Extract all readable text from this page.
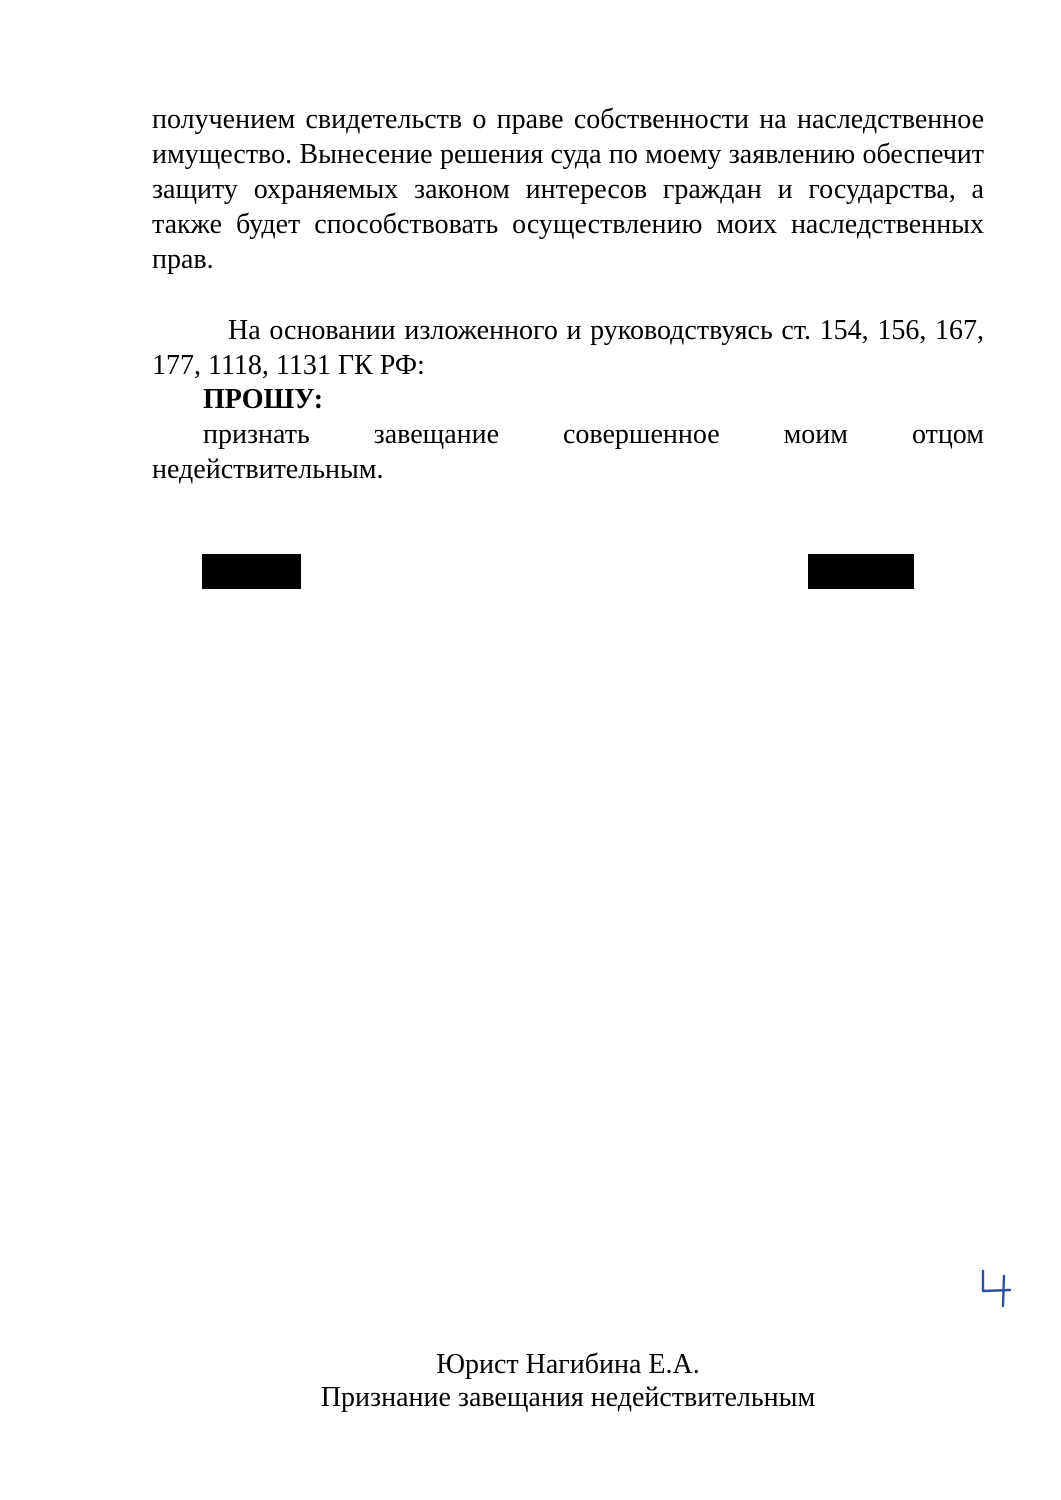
получением свидетельств о праве собственности на наследственное имущество. Вынесение решения суда по моему заявлению обеспечит защиту охраняемых законом интересов граждан и государства, а также будет способствовать осуществлению моих наследственных прав.
На основании изложенного и руководствуясь ст. 154, 156, 167, 177, 1118, 1131 ГК РФ:
ПРОШУ:
признать завещание совершенное моим отцом недействительным.
Юрист Нагибина Е.А.
Признание завещания недействительным
